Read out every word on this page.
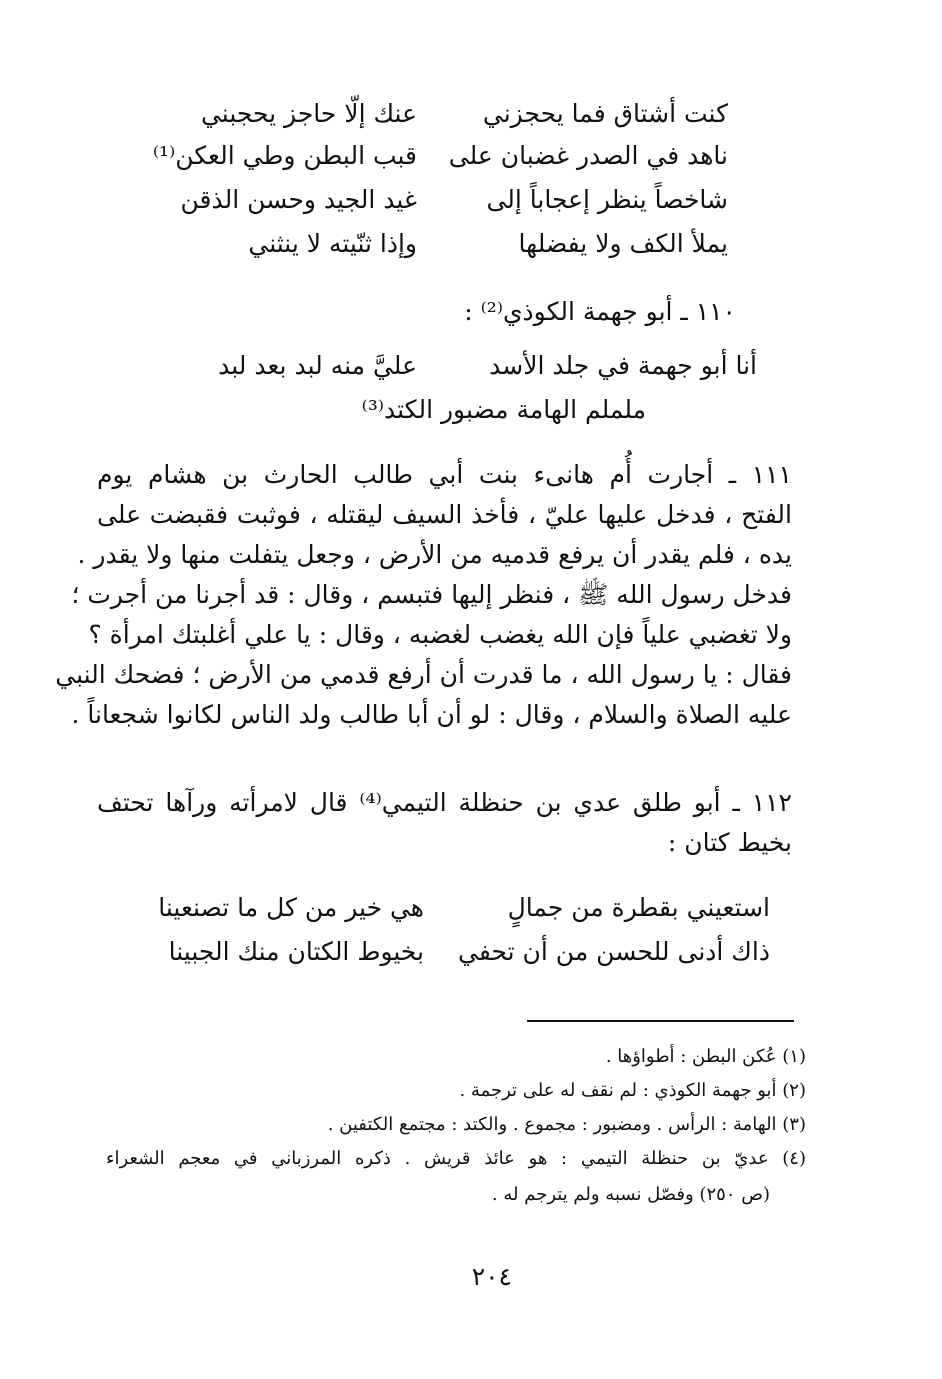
كنت أشتاق فما يحجزني
عنك إلّا حاجز يحجبني
ناهد في الصدر غضبان على
قبب البطن وطي العكن⁽¹⁾
شاخصاً ينظر إعجاباً إلى
غيد الجيد وحسن الذقن
يملأ الكف ولا يفضلها
وإذا ثنّيته لا ينثني
١١٠ ـ أبو جهمة الكوذي⁽²⁾ :
أنا أبو جهمة في جلد الأسد
عليَّ منه لبد بعد لبد
ململم الهامة مضبور الكتد⁽³⁾
١١١ ـ أجارت أُم هانىء بنت أبي طالب الحارث بن هشام يوم
الفتح ، فدخل عليها عليّ ، فأخذ السيف ليقتله ، فوثبت فقبضت على
يده ، فلم يقدر أن يرفع قدميه من الأرض ، وجعل يتفلت منها ولا يقدر .
فدخل رسول الله ﷺ ، فنظر إليها فتبسم ، وقال : قد أجرنا من أجرت ؛
ولا تغضبي علياً فإن الله يغضب لغضبه ، وقال : يا علي أغلبتك امرأة ؟
فقال : يا رسول الله ، ما قدرت أن أرفع قدمي من الأرض ؛ فضحك النبي
عليه الصلاة والسلام ، وقال : لو أن أبا طالب ولد الناس لكانوا شجعاناً .
١١٢ ـ أبو طلق عدي بن حنظلة التيمي⁽⁴⁾ قال لامرأته ورآها تحتف
بخيط كتان :
استعيني بقطرة من جمالٍ
هي خير من كل ما تصنعينا
ذاك أدنى للحسن من أن تحفي
بخيوط الكتان منك الجبينا
(١) عُكن البطن : أطواؤها .
(٢) أبو جهمة الكوذي : لم نقف له على ترجمة .
(٣) الهامة : الرأس . ومضبور : مجموع . والكتد : مجتمع الكتفين .
(٤) عديّ بن حنظلة التيمي : هو عائذ قريش . ذكره المرزباني في معجم الشعراء
(ص ٢٥٠) وفصّل نسبه ولم يترجم له .
٢٠٤
